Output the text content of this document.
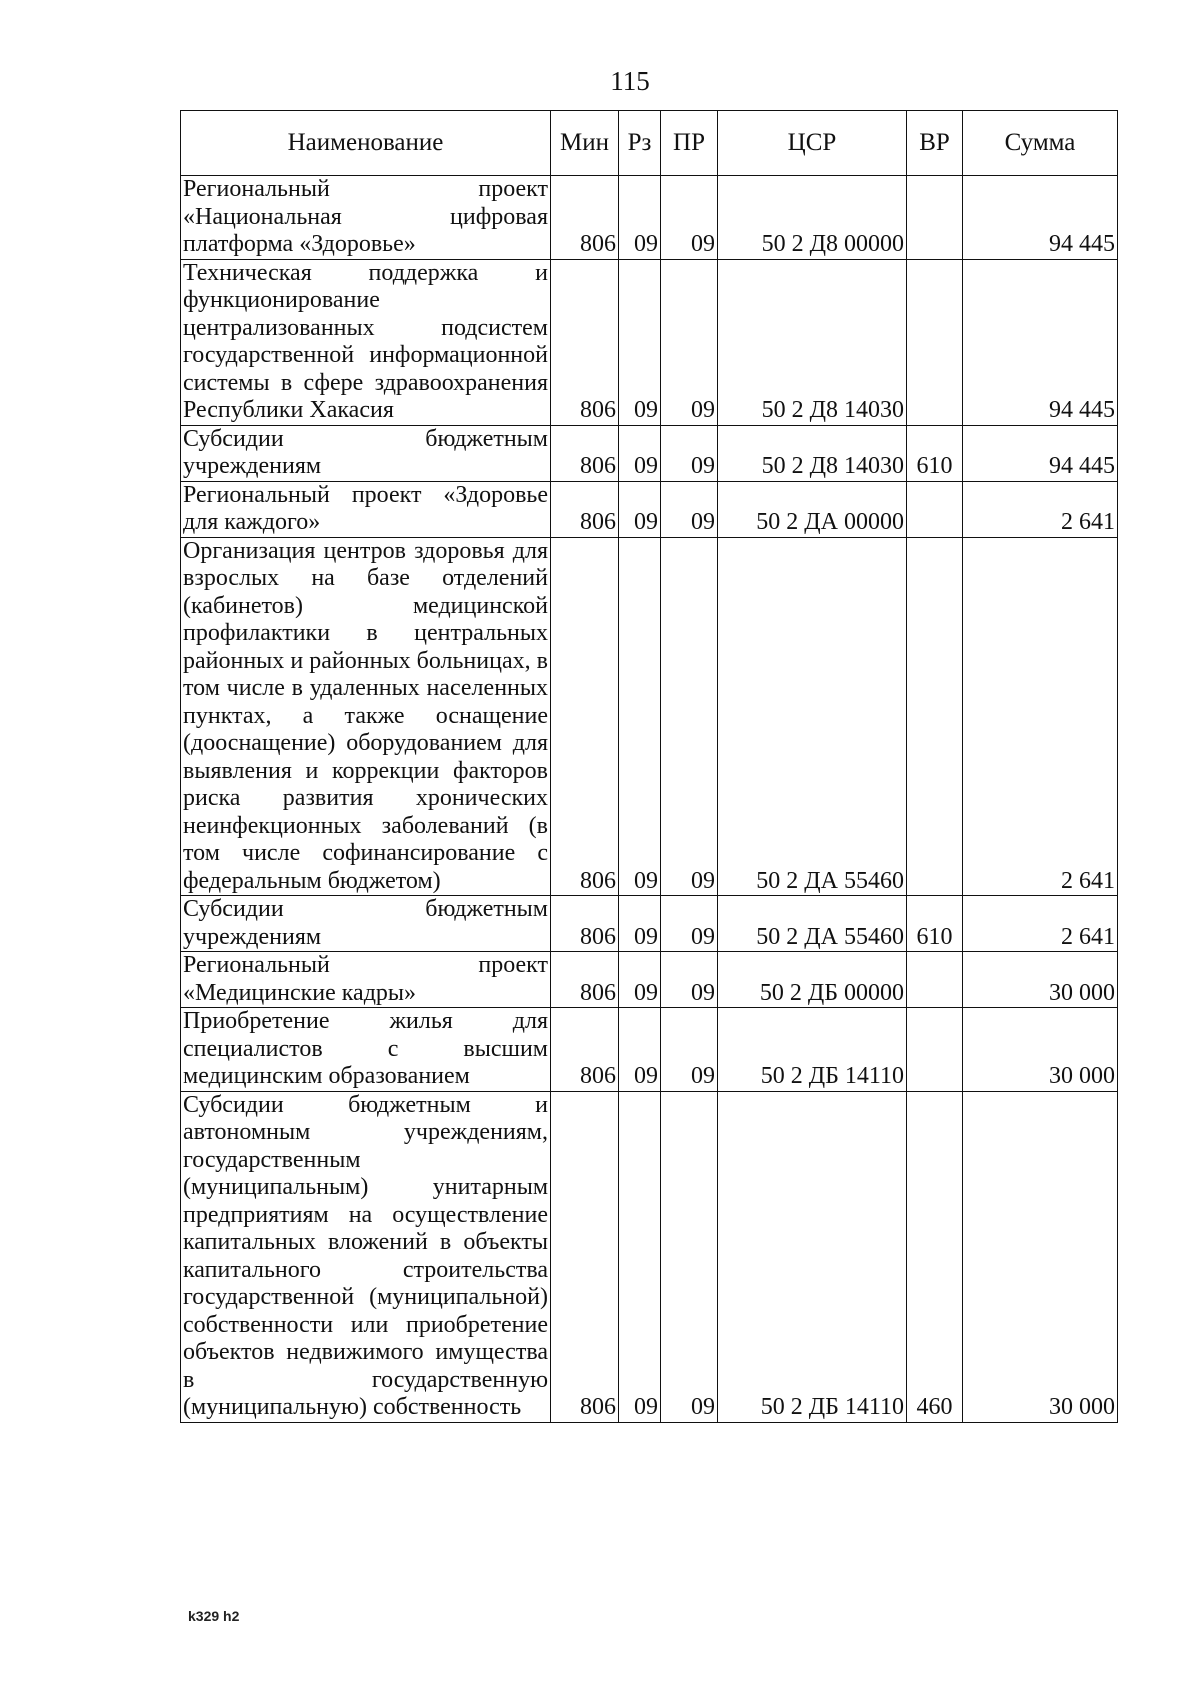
115
Наименование	Мин	Рз	ПР	ЦСР	ВР	Сумма
Региональный проект «Национальная цифровая платформа «Здоровье»	806	09	09	50 2 Д8 00000		94 445
Техническая поддержка и функционирование централизованных подсистем государственной информационной системы в сфере здравоохранения Республики Хакасия	806	09	09	50 2 Д8 14030		94 445
Субсидии бюджетным учреждениям	806	09	09	50 2 Д8 14030	610	94 445
Региональный проект «Здоровье для каждого»	806	09	09	50 2 ДА 00000		2 641
Организация центров здоровья для взрослых на базе отделений (кабинетов) медицинской профилактики в центральных районных и районных больницах, в том числе в удаленных населенных пунктах, а также оснащение (дооснащение) оборудованием для выявления и коррекции факторов риска развития хронических неинфекционных заболеваний (в том числе софинансирование с федеральным бюджетом)	806	09	09	50 2 ДА 55460		2 641
Субсидии бюджетным учреждениям	806	09	09	50 2 ДА 55460	610	2 641
Региональный проект «Медицинские кадры»	806	09	09	50 2 ДБ 00000		30 000
Приобретение жилья для специалистов с высшим медицинским образованием	806	09	09	50 2 ДБ 14110		30 000
Субсидии бюджетным и автономным учреждениям, государственным (муниципальным) унитарным предприятиям на осуществление капитальных вложений в объекты капитального строительства государственной (муниципальной) собственности или приобретение объектов недвижимого имущества в государственную (муниципальную) собственность	806	09	09	50 2 ДБ 14110	460	30 000
k329 h2
